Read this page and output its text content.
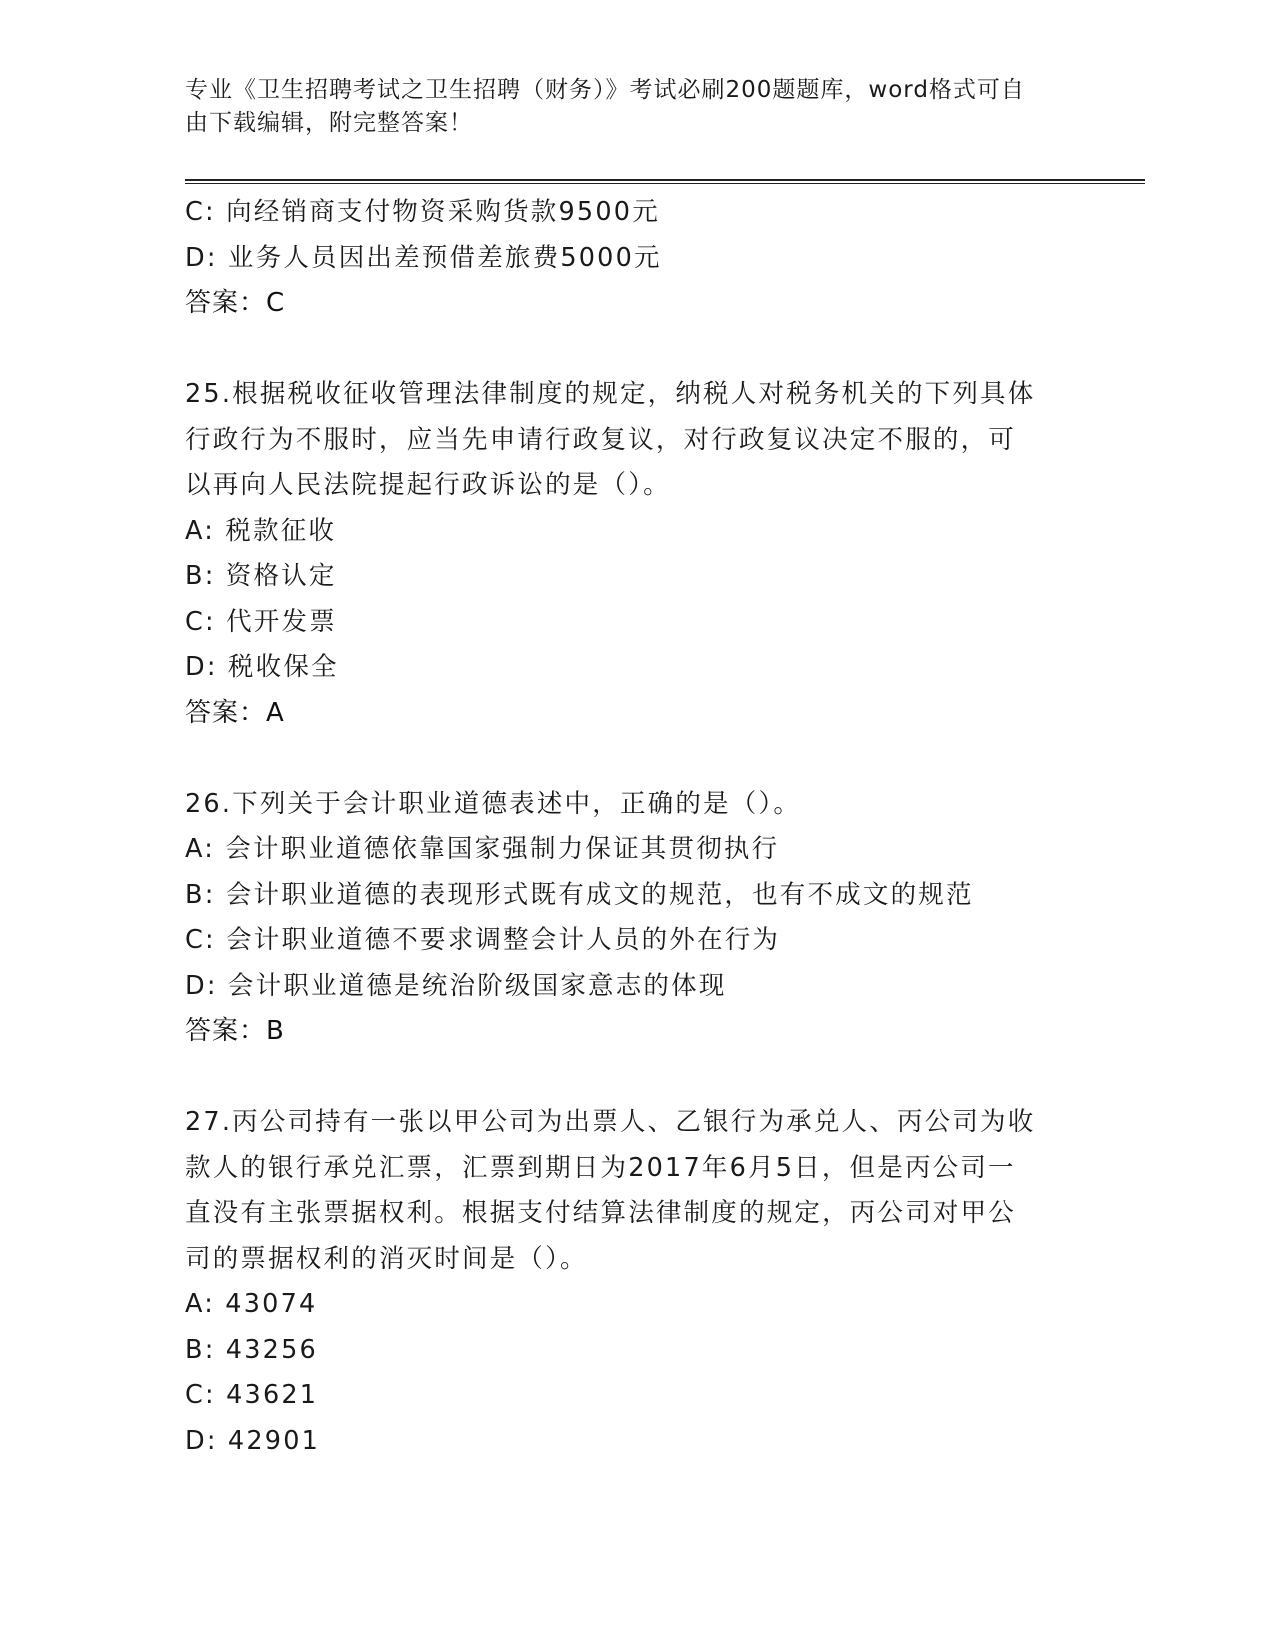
专业《卫生招聘考试之卫生招聘（财务）》考试必刷200题题库，word格式可自
由下载编辑，附完整答案！
C: 向经销商支付物资采购货款9500元
D: 业务人员因出差预借差旅费5000元
答案：C
25.根据税收征收管理法律制度的规定，纳税人对税务机关的下列具体
行政行为不服时，应当先申请行政复议，对行政复议决定不服的，可
以再向人民法院提起行政诉讼的是（）。
A: 税款征收
B: 资格认定
C: 代开发票
D: 税收保全
答案：A
26.下列关于会计职业道德表述中，正确的是（）。
A: 会计职业道德依靠国家强制力保证其贯彻执行
B: 会计职业道德的表现形式既有成文的规范，也有不成文的规范
C: 会计职业道德不要求调整会计人员的外在行为
D: 会计职业道德是统治阶级国家意志的体现
答案：B
27.丙公司持有一张以甲公司为出票人、乙银行为承兑人、丙公司为收
款人的银行承兑汇票，汇票到期日为2017年6月5日，但是丙公司一
直没有主张票据权利。根据支付结算法律制度的规定，丙公司对甲公
司的票据权利的消灭时间是（）。
A: 43074
B: 43256
C: 43621
D: 42901
